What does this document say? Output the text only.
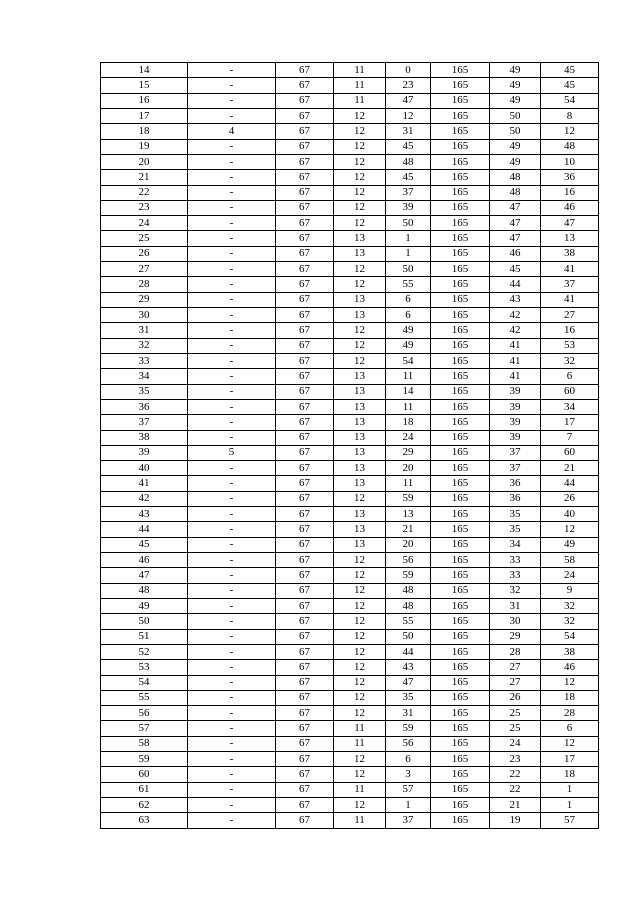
14	-	67	11	0	165	49	45
15	-	67	11	23	165	49	45
16	-	67	11	47	165	49	54
17	-	67	12	12	165	50	8
18	4	67	12	31	165	50	12
19	-	67	12	45	165	49	48
20	-	67	12	48	165	49	10
21	-	67	12	45	165	48	36
22	-	67	12	37	165	48	16
23	-	67	12	39	165	47	46
24	-	67	12	50	165	47	47
25	-	67	13	1	165	47	13
26	-	67	13	1	165	46	38
27	-	67	12	50	165	45	41
28	-	67	12	55	165	44	37
29	-	67	13	6	165	43	41
30	-	67	13	6	165	42	27
31	-	67	12	49	165	42	16
32	-	67	12	49	165	41	53
33	-	67	12	54	165	41	32
34	-	67	13	11	165	41	6
35	-	67	13	14	165	39	60
36	-	67	13	11	165	39	34
37	-	67	13	18	165	39	17
38	-	67	13	24	165	39	7
39	5	67	13	29	165	37	60
40	-	67	13	20	165	37	21
41	-	67	13	11	165	36	44
42	-	67	12	59	165	36	26
43	-	67	13	13	165	35	40
44	-	67	13	21	165	35	12
45	-	67	13	20	165	34	49
46	-	67	12	56	165	33	58
47	-	67	12	59	165	33	24
48	-	67	12	48	165	32	9
49	-	67	12	48	165	31	32
50	-	67	12	55	165	30	32
51	-	67	12	50	165	29	54
52	-	67	12	44	165	28	38
53	-	67	12	43	165	27	46
54	-	67	12	47	165	27	12
55	-	67	12	35	165	26	18
56	-	67	12	31	165	25	28
57	-	67	11	59	165	25	6
58	-	67	11	56	165	24	12
59	-	67	12	6	165	23	17
60	-	67	12	3	165	22	18
61	-	67	11	57	165	22	1
62	-	67	12	1	165	21	1
63	-	67	11	37	165	19	57
